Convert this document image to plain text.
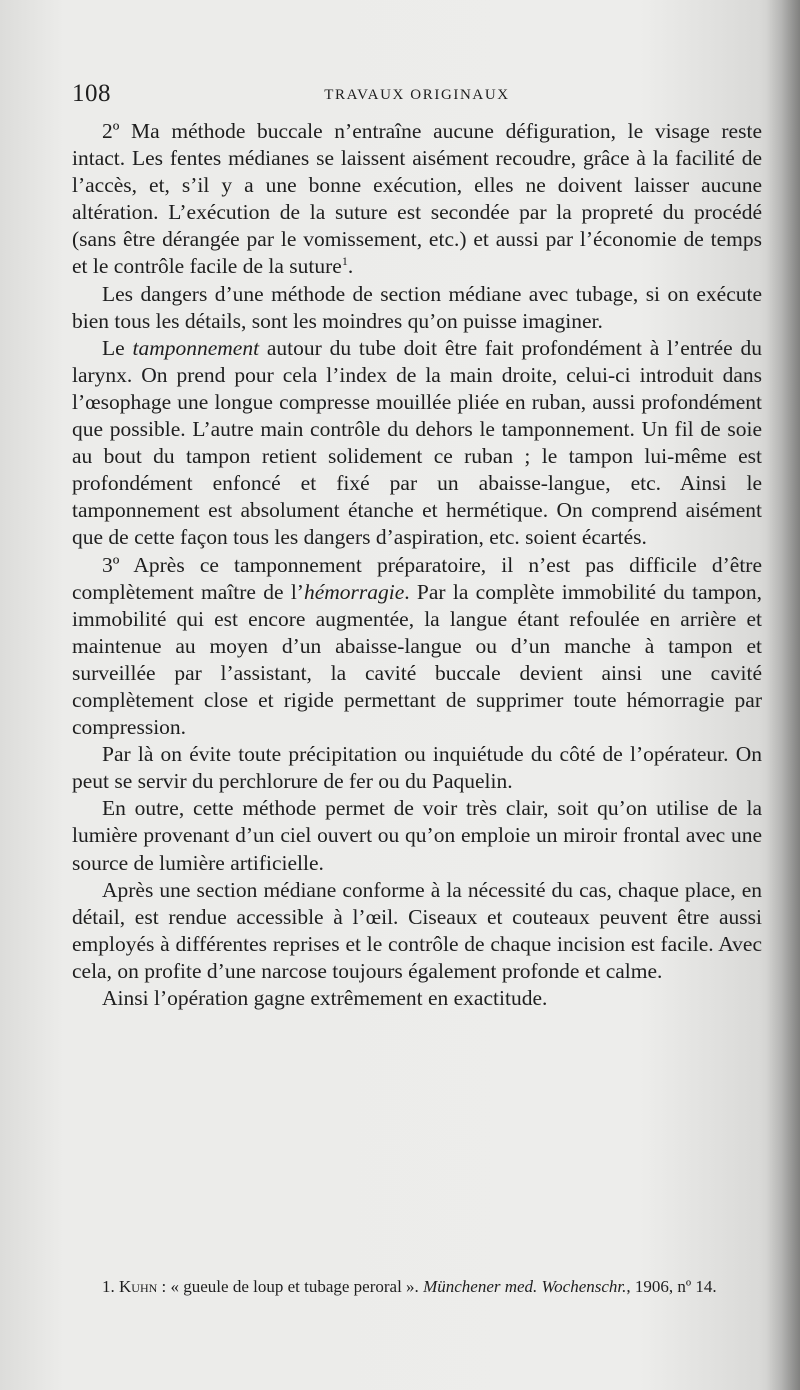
108	TRAVAUX ORIGINAUX

2º Ma méthode buccale n’entraîne aucune défiguration, le visage reste intact. Les fentes médianes se laissent aisément recoudre, grâce à la facilité de l’accès, et, s’il y a une bonne exécution, elles ne doivent laisser aucune altération. L’exécution de la suture est secondée par la propreté du procédé (sans être dérangée par le vomissement, etc.) et aussi par l’économie de temps et le contrôle facile de la suture$^1$.

Les dangers d’une méthode de section médiane avec tubage, si on exécute bien tous les détails, sont les moindres qu’on puisse imaginer.

Le tamponnement autour du tube doit être fait profondément à l’entrée du larynx. On prend pour cela l’index de la main droite, celui-ci introduit dans l’œsophage une longue compresse mouillée pliée en ruban, aussi profondément que possible. L’autre main contrôle du dehors le tamponnement. Un fil de soie au bout du tampon retient solidement ce ruban ; le tampon lui-même est profondément enfoncé et fixé par un abaisse-langue, etc. Ainsi le tamponnement est absolument étanche et hermétique. On comprend aisément que de cette façon tous les dangers d’aspiration, etc. soient écartés.

3º Après ce tamponnement préparatoire, il n’est pas difficile d’être complètement maître de l’hémorragie. Par la complète immobilité du tampon, immobilité qui est encore augmentée, la langue étant refoulée en arrière et maintenue au moyen d’un abaisse-langue ou d’un manche à tampon et surveillée par l’assistant, la cavité buccale devient ainsi une cavité complètement close et rigide permettant de supprimer toute hémorragie par compression.

Par là on évite toute précipitation ou inquiétude du côté de l’opérateur. On peut se servir du perchlorure de fer ou du Paquelin.

En outre, cette méthode permet de voir très clair, soit qu’on utilise de la lumière provenant d’un ciel ouvert ou qu’on emploie un miroir frontal avec une source de lumière artificielle.

Après une section médiane conforme à la nécessité du cas, chaque place, en détail, est rendue accessible à l’œil. Ciseaux et couteaux peuvent être aussi employés à différentes reprises et le contrôle de chaque incision est facile. Avec cela, on profite d’une narcose toujours également profonde et calme.

Ainsi l’opération gagne extrêmement en exactitude.

1. Kuhn : « gueule de loup et tubage peroral ». Münchener med. Wochenschr., 1906, nº 14.
